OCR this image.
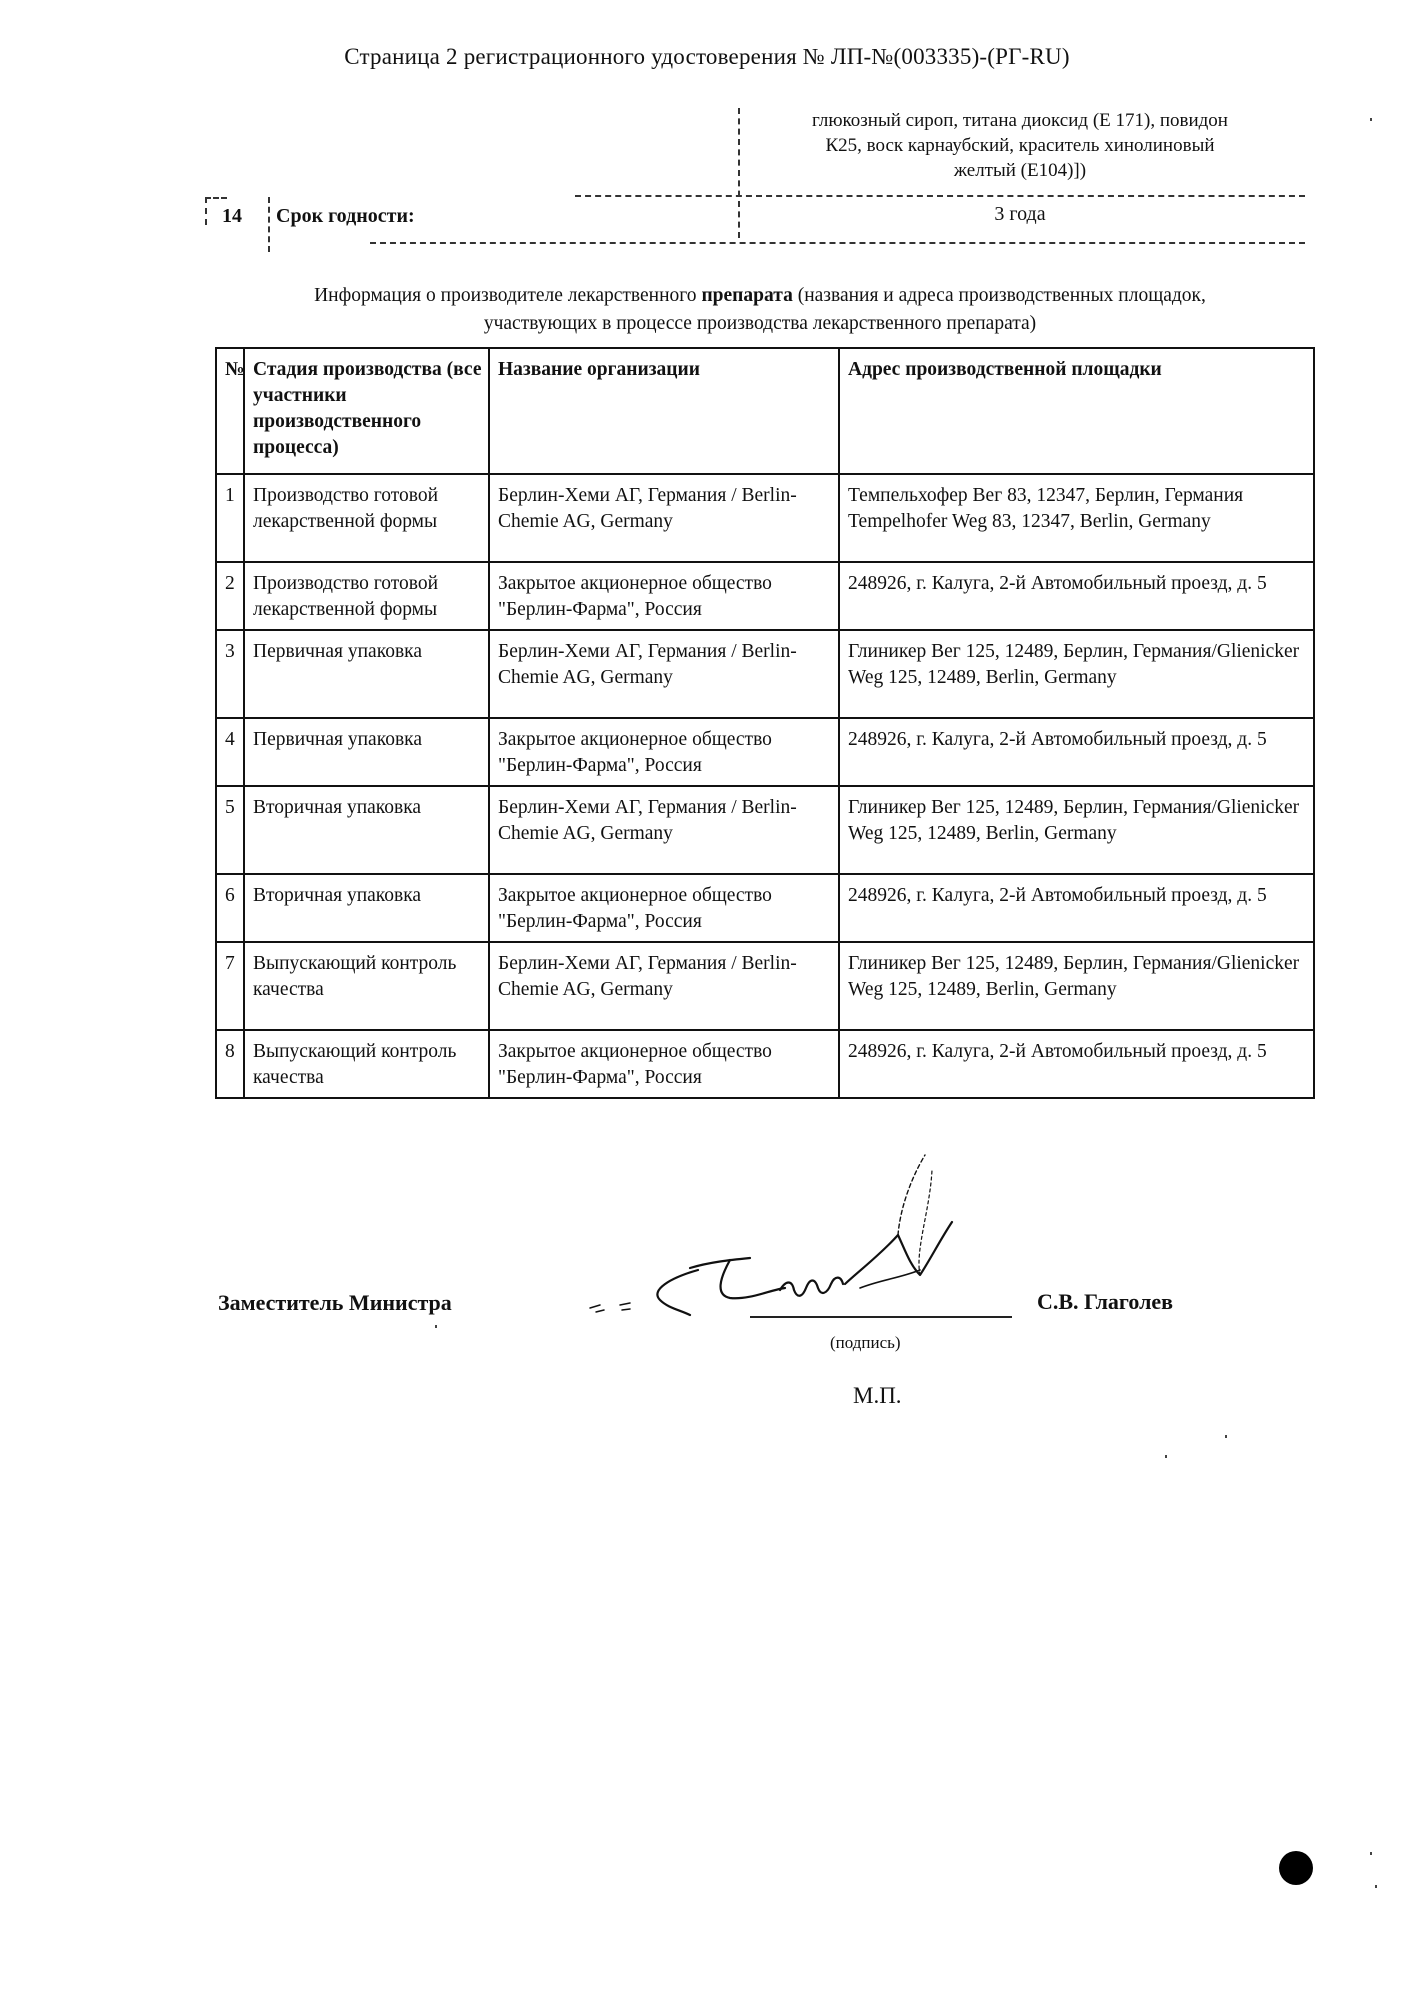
Страница 2 регистрационного удостоверения № ЛП-№(003335)-(РГ-RU)
глюкозный сироп, титана диоксид (Е 171), повидон
К25, воск карнаубский, краситель хинолиновый
желтый (Е104)])
14 Срок годности:	3 года
Информация о производителе лекарственного препарата (названия и адреса производственных площадок,
участвующих в процессе производства лекарственного препарата)
№	Стадия производства (все участники производственного процесса)	Название организации	Адрес производственной площадки
1	Производство готовой лекарственной формы	Берлин-Хеми АГ, Германия / Berlin-Chemie AG, Germany	Темпельхофер Вег 83, 12347, Берлин, Германия Tempelhofer Weg 83, 12347, Berlin, Germany
2	Производство готовой лекарственной формы	Закрытое акционерное общество "Берлин-Фарма", Россия	248926, г. Калуга, 2-й Автомобильный проезд, д. 5
3	Первичная упаковка	Берлин-Хеми АГ, Германия / Berlin-Chemie AG, Germany	Глиникер Вег 125, 12489, Берлин, Германия/Glienicker Weg 125, 12489, Berlin, Germany
4	Первичная упаковка	Закрытое акционерное общество "Берлин-Фарма", Россия	248926, г. Калуга, 2-й Автомобильный проезд, д. 5
5	Вторичная упаковка	Берлин-Хеми АГ, Германия / Berlin-Chemie AG, Germany	Глиникер Вег 125, 12489, Берлин, Германия/Glienicker Weg 125, 12489, Berlin, Germany
6	Вторичная упаковка	Закрытое акционерное общество "Берлин-Фарма", Россия	248926, г. Калуга, 2-й Автомобильный проезд, д. 5
7	Выпускающий контроль качества	Берлин-Хеми АГ, Германия / Berlin-Chemie AG, Germany	Глиникер Вег 125, 12489, Берлин, Германия/Glienicker Weg 125, 12489, Berlin, Germany
8	Выпускающий контроль качества	Закрытое акционерное общество "Берлин-Фарма", Россия	248926, г. Калуга, 2-й Автомобильный проезд, д. 5
Заместитель Министра	С.В. Глаголев
(подпись)
М.П.
